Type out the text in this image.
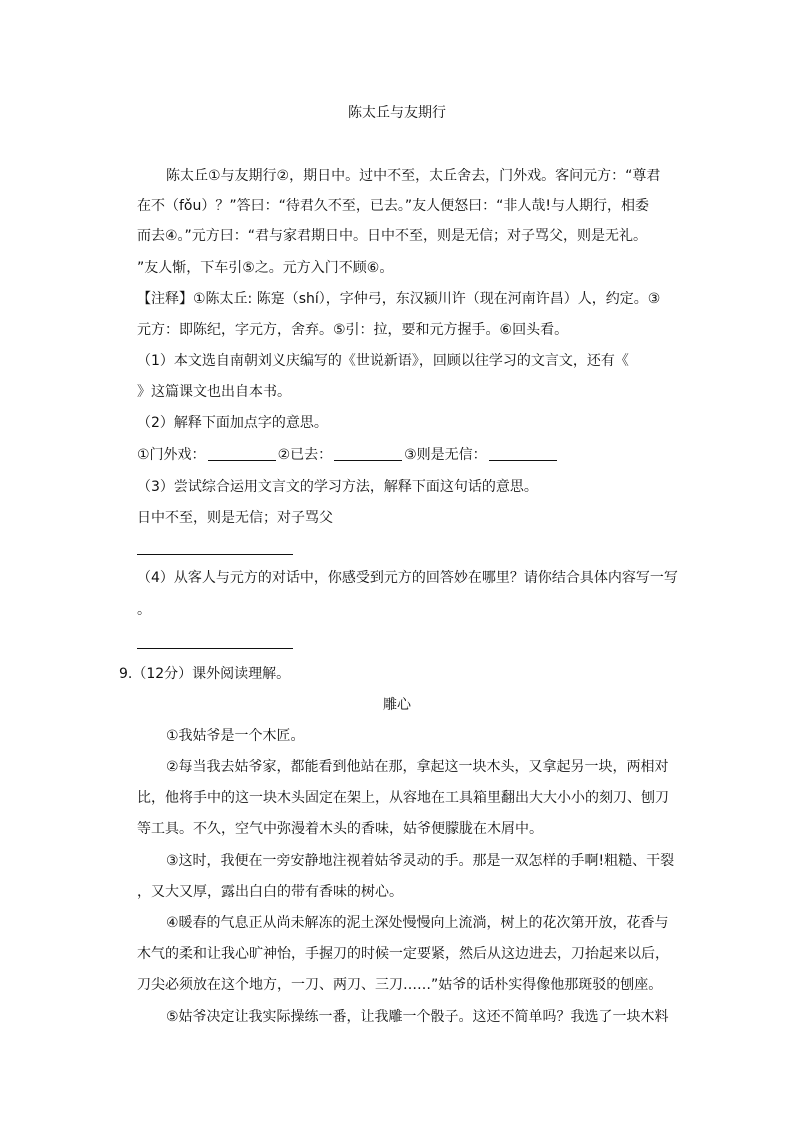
陈太丘与友期行
陈太丘①与友期行②，期日中。过中不至，太丘舍去，门外戏。客问元方：“尊君
在不（fǒu）？”答曰：“待君久不至，已去。”友人便怒曰：“非人哉!与人期行，相委
而去④。”元方曰：“君与家君期日中。日中不至，则是无信；对子骂父，则是无礼。
”友人惭，下车引⑤之。元方入门不顾⑥。
【注释】①陈太丘: 陈寔（shí），字仲弓，东汉颍川许（现在河南许昌）人，约定。③
元方：即陈纪，字元方，舍弃。⑤引：拉，要和元方握手。⑥回头看。
（1）本文选自南朝刘义庆编写的《世说新语》，回顾以往学习的文言文，还有《
》这篇课文也出自本书。
（2）解释下面加点字的意思。
①门外戏：	②已去：	③则是无信：
（3）尝试综合运用文言文的学习方法，解释下面这句话的意思。
日中不至，则是无信；对子骂父
（4）从客人与元方的对话中，你感受到元方的回答妙在哪里？请你结合具体内容写一写
。
9.（12分）课外阅读理解。
雕心
①我姑爷是一个木匠。
②每当我去姑爷家，都能看到他站在那，拿起这一块木头，又拿起另一块，两相对
比，他将手中的这一块木头固定在架上，从容地在工具箱里翻出大大小小的刻刀、刨刀
等工具。不久，空气中弥漫着木头的香味，姑爷便朦胧在木屑中。
③这时，我便在一旁安静地注视着姑爷灵动的手。那是一双怎样的手啊!粗糙、干裂
，又大又厚，露出白白的带有香味的树心。
④暖春的气息正从尚未解冻的泥土深处慢慢向上流淌，树上的花次第开放，花香与
木气的柔和让我心旷神怡，手握刀的时候一定要紧，然后从这边进去，刀抬起来以后，
刀尖必须放在这个地方，一刀、两刀、三刀……”姑爷的话朴实得像他那斑驳的刨座。
⑤姑爷决定让我实际操练一番，让我雕一个骰子。这还不简单吗？我选了一块木料
